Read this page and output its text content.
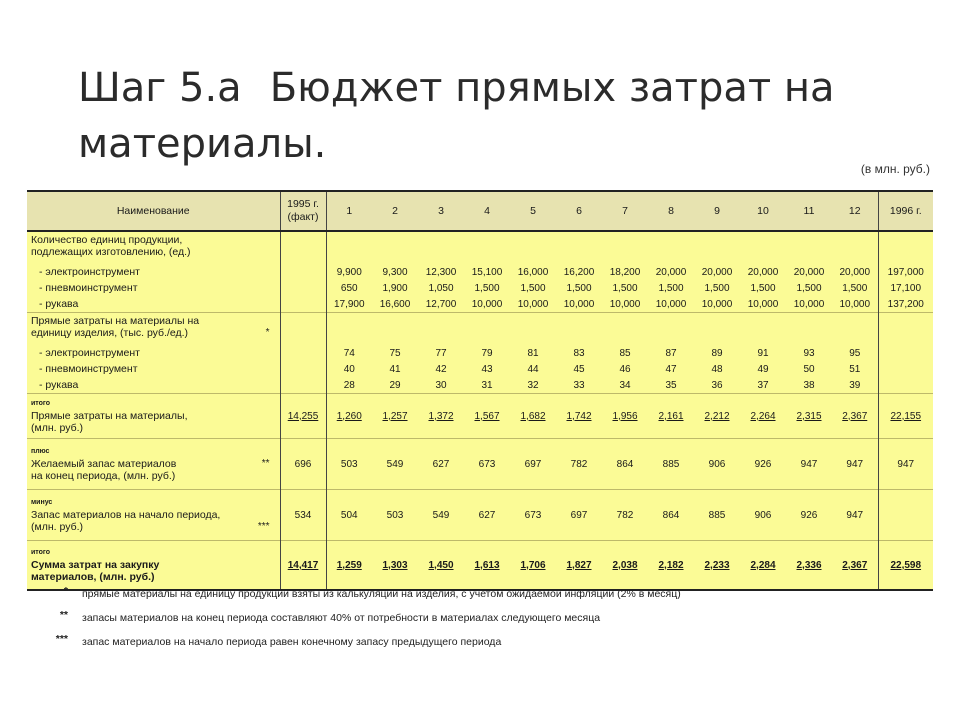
Шаг 5.а Бюджет прямых затрат на материалы.
(в млн. руб.)
Наименование	1995 г.
(факт)	1	2	3	4	5	6	7	8	9	10	11	12	1996 г.
Количество единиц продукции,
подлежащих изготовлению, (ед.)														
- электроинструмент		9,900	9,300	12,300	15,100	16,000	16,200	18,200	20,000	20,000	20,000	20,000	20,000	197,000
- пневмоинструмент		650	1,900	1,050	1,500	1,500	1,500	1,500	1,500	1,500	1,500	1,500	1,500	17,100
- рукава		17,900	16,600	12,700	10,000	10,000	10,000	10,000	10,000	10,000	10,000	10,000	10,000	137,200
Прямые затраты на материалы на
единицу изделия, (тыс. руб./ед.) *														

- электроинструмент		74	75	77	79	81	83	85	87	89	91	93	95	
- пневмоинструмент		40	41	42	43	44	45	46	47	48	49	50	51	
- рукава		28	29	30	31	32	33	34	35	36	37	38	39	

итого
Прямые затраты на материалы,
(млн. руб.)	14,255	1,260	1,257	1,372	1,567	1,682	1,742	1,956	2,161	2,212	2,264	2,315	2,367	22,155

плюс
Желаемый запас материалов **

на конец периода, (млн. руб.)	696	503	549	627	673	697	782	864	885	906	926	947	947	947

минус
Запас материалов на начало периода,
(млн. руб.) ***	534	504	503	549	627	673	697	782	864	885	906	926	947	

итого
Сумма затрат на закупку
материалов, (млн. руб.)	14,417	1,259	1,303	1,450	1,613	1,706	1,827	2,038	2,182	2,233	2,284	2,336	2,367	22,598
* прямые материалы на единицу продукции взяты из калькуляций на изделия, с учетом ожидаемой инфляции (2% в месяц)
** запасы материалов на конец периода составляют 40% от потребности в материалах следующего месяца
*** запас материалов на начало периода равен конечному запасу предыдущего периода
